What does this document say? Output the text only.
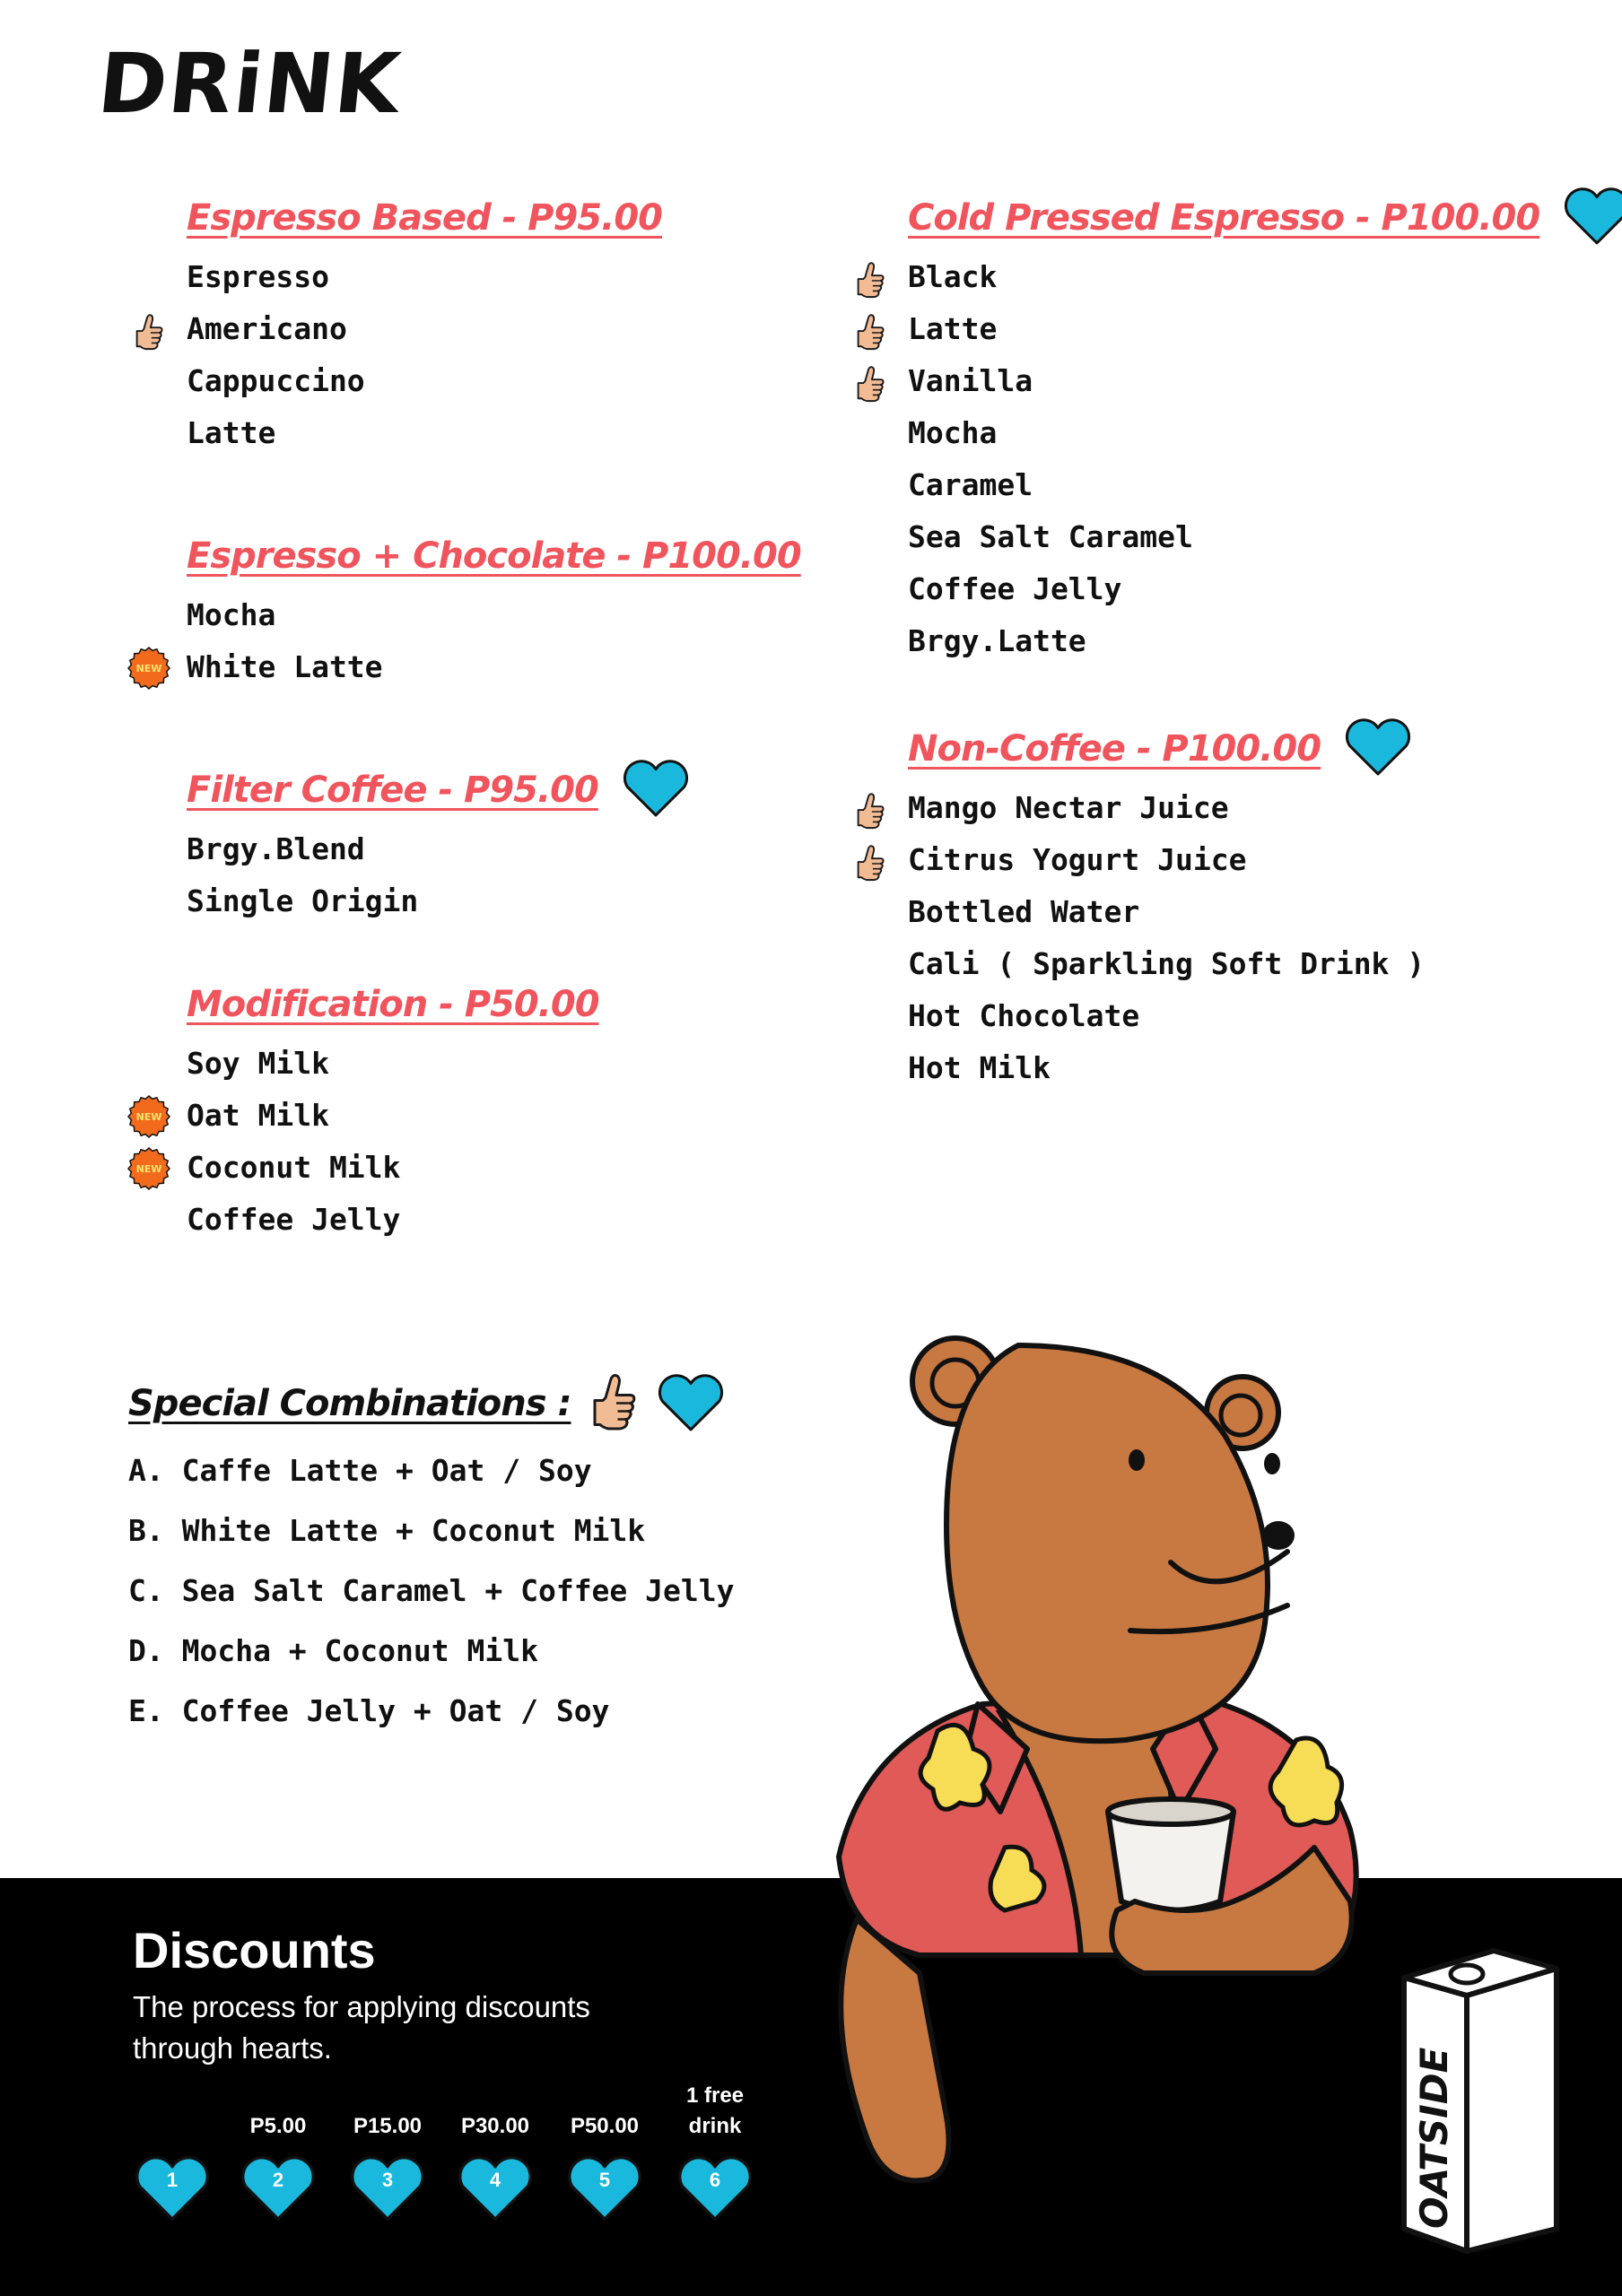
DRiNK
Espresso Based - P95.00
Espresso
Americano
Cappuccino
Latte
Espresso + Chocolate - P100.00
Mocha
NEW White Latte
Filter Coffee - P95.00
Brgy.Blend
Single Origin
Modification - P50.00
Soy Milk
NEW Oat Milk
NEW Coconut Milk
Coffee Jelly
Cold Pressed Espresso - P100.00
Black
Latte
Vanilla
Mocha
Caramel
Sea Salt Caramel
Coffee Jelly
Brgy.Latte
Non-Coffee - P100.00
Mango Nectar Juice
Citrus Yogurt Juice
Bottled Water
Cali ( Sparkling Soft Drink )
Hot Chocolate
Hot Milk
Special Combinations :
A. Caffe Latte + Oat / Soy
B. White Latte + Coconut Milk
C. Sea Salt Caramel + Coffee Jelly
D. Mocha + Coconut Milk
E. Coffee Jelly + Oat / Soy
Discounts
The process for applying discounts through hearts.
1
P5.00
2
P15.00
3
P30.00
4
P50.00
5
1 free drink
6	OATSIDE
